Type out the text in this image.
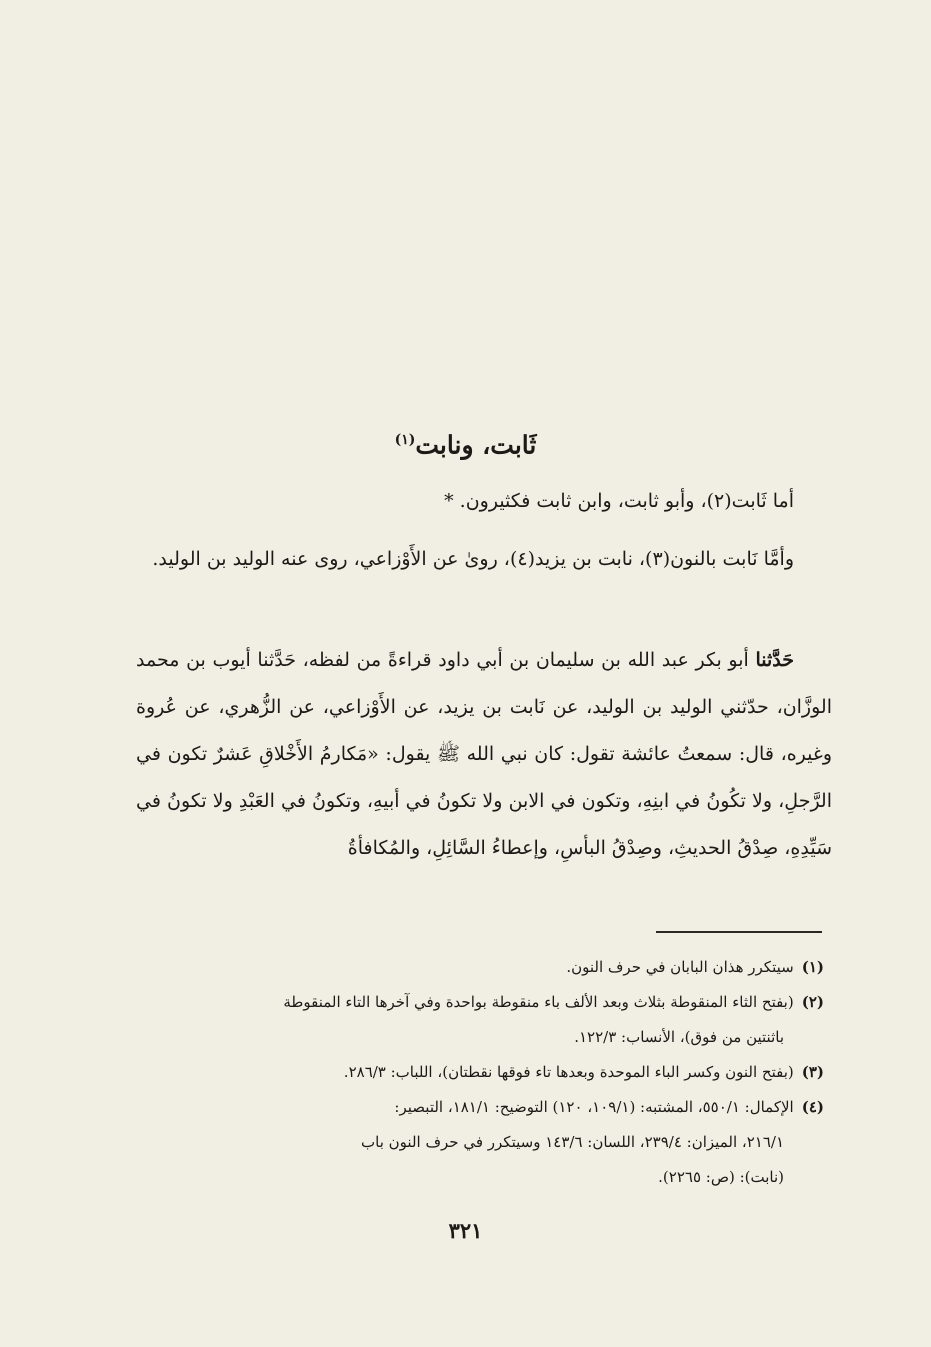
ثَابت، ونابت$^{(١)}$
أما ثَابت(٢)، وأبو ثابت، وابن ثابت فكثيرون. *
وأمَّا نَابت بالنون(٣)، نابت بن يزيد(٤)، روىٰ عن الأَوْزاعي، روى عنه الوليد بن الوليد.
حَدَّثنا أبو بكر عبد الله بن سليمان بن أبي داود قراءةً من لفظه، حَدَّثنا أيوب بن محمد الوزَّان، حدّثني الوليد بن الوليد، عن نَابت بن يزيد، عن الأَوْزاعي، عن الزُّهري، عن عُروة وغيره، قال: سمعتُ عائشة تقول: كان نبي الله ﷺ يقول: «مَكارمُ الأَخْلاقِ عَشرٌ تكون في الرَّجلِ، ولا تكُونُ في ابنِهِ، وتكون في الابن ولا تكونُ في أبيهِ، وتكونُ في العَبْدِ ولا تكونُ في سَيِّدِهِ، صِدْقُ الحديثِ، وصِدْقُ البأسِ، وإعطاءُ السَّائِلِ، والمُكافأةُ

(١)سيتكرر هذان البابان في حرف النون.

(٢)(بفتح الثاء المنقوطة بثلاث وبعد الألف باء منقوطة بواحدة وفي آخرها التاء المنقوطة

باثنتين من فوق)، الأنساب: ١٢٢/٣.

(٣)(بفتح النون وكسر الباء الموحدة وبعدها تاء فوقها نقطتان)، اللباب: ٢٨٦/٣.

(٤)الإكمال: ٥٥٠/١، المشتبه: (١٠٩/١، ١٢٠) التوضيح: ١٨١/١، التبصير:

٢١٦/١، الميزان: ٢٣٩/٤، اللسان: ١٤٣/٦ وسيتكرر في حرف النون باب

(نابت): (ص: ٢٢٦٥).

٣٢١
